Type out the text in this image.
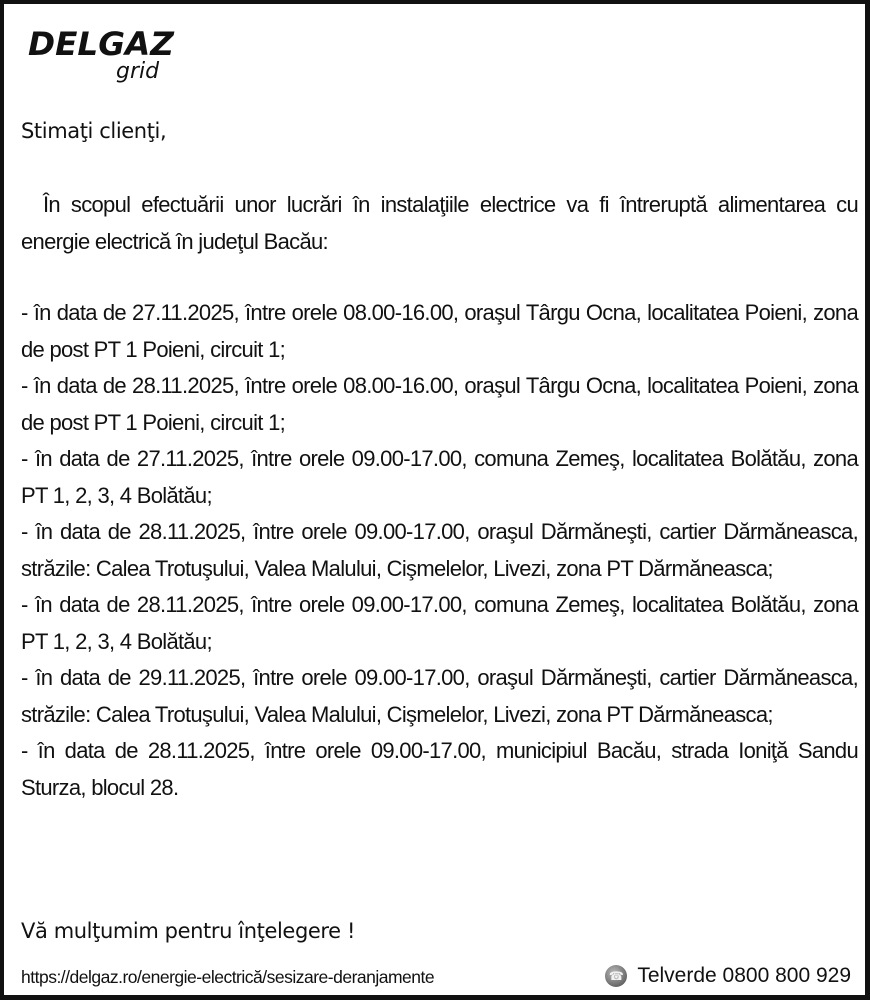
DELGAZ
grid
Stimaţi clienţi,

În scopul efectuării unor lucrări în instalaţiile electrice va fi întreruptă alimentarea cu energie electrică în judeţul Bacău:

- în data de 27.11.2025, între orele 08.00-16.00, oraşul Târgu Ocna, localitatea Poieni, zona de post PT 1 Poieni, circuit 1;

- în data de 28.11.2025, între orele 08.00-16.00, oraşul Târgu Ocna, localitatea Poieni, zona de post PT 1 Poieni, circuit 1;

- în data de 27.11.2025, între orele 09.00-17.00, comuna Zemeş, localitatea Bolătău, zona PT 1, 2, 3, 4 Bolătău;

- în data de 28.11.2025, între orele 09.00-17.00, oraşul Dărmăneşti, cartier Dărmăneasca, străzile: Calea Trotuşului, Valea Malului, Cişmelelor, Livezi, zona PT Dărmăneasca;

- în data de 28.11.2025, între orele 09.00-17.00, comuna Zemeş, localitatea Bolătău, zona PT 1, 2, 3, 4 Bolătău;

- în data de 29.11.2025, între orele 09.00-17.00, oraşul Dărmăneşti, cartier Dărmăneasca, străzile: Calea Trotuşului, Valea Malului, Cişmelelor, Livezi, zona PT Dărmăneasca;

- în data de 28.11.2025, între orele 09.00-17.00, municipiul Bacău, strada Ioniţă Sandu Sturza, blocul 28.

Vă mulţumim pentru înţelegere !
https://delgaz.ro/energie-electrică/sesizare-deranjamente ☎	Telverde 0800 800 929
